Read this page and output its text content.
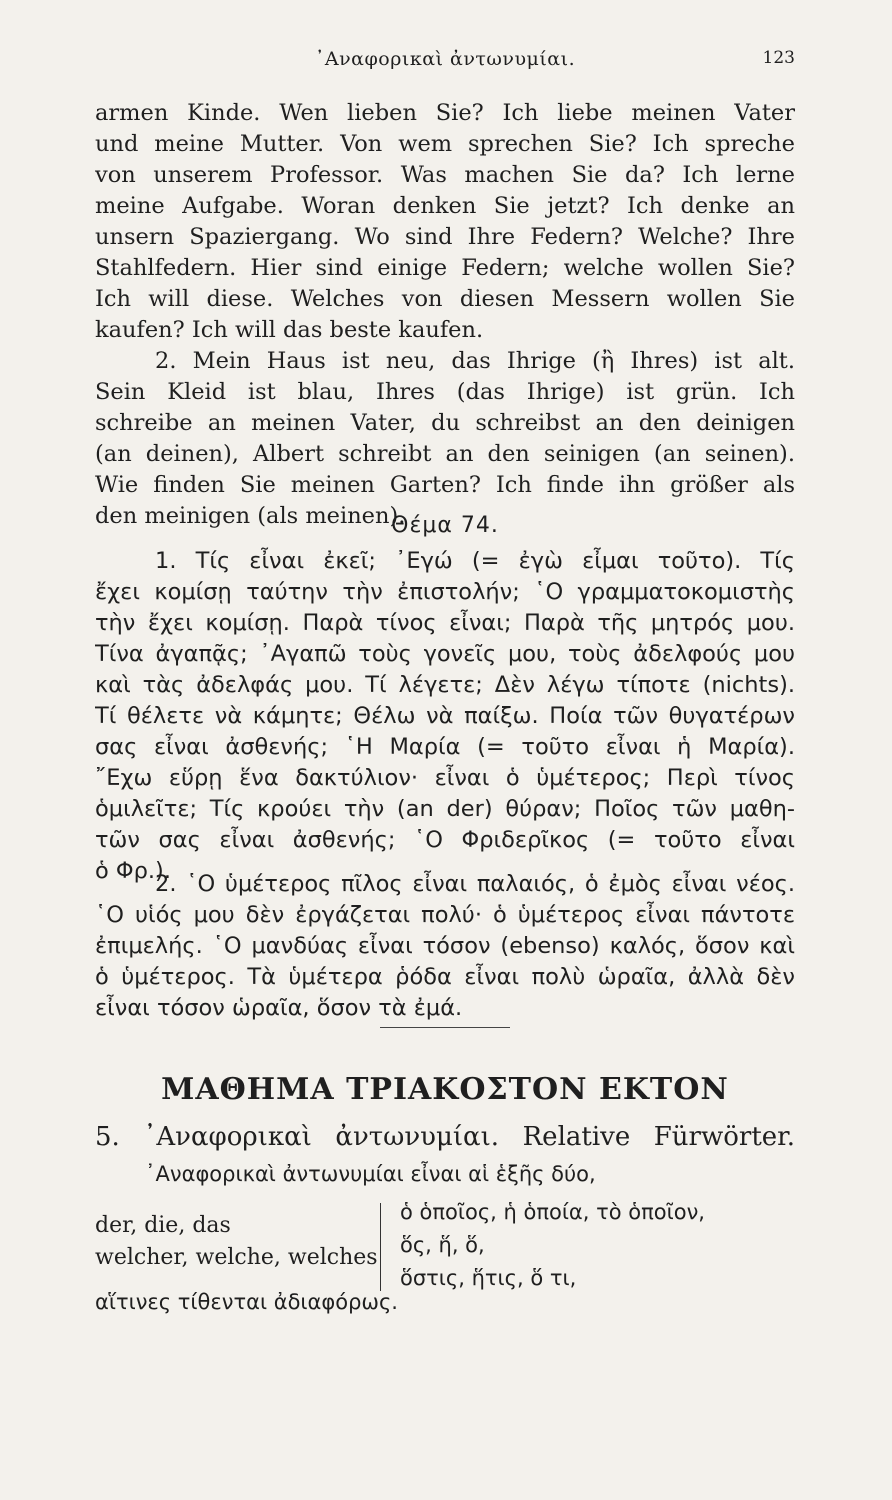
᾿Αναφορικαὶ ἀντωνυμίαι.	123
armen Kinde. Wen lieben Sie? Ich liebe meinen Vater
und meine Mutter. Von wem sprechen Sie? Ich spreche
von unserem Professor. Was machen Sie da? Ich lerne
meine Aufgabe. Woran denken Sie jetzt? Ich denke an
unsern Spaziergang. Wo sind Ihre Federn? Welche? Ihre
Stahlfedern. Hier sind einige Federn; welche wollen Sie?
Ich will diese. Welches von diesen Messern wollen Sie
kaufen? Ich will das beste kaufen.
2. Mein Haus ist neu, das Ihrige (ἢ Ihres) ist alt.
Sein Kleid ist blau, Ihres (das Ihrige) ist grün. Ich
schreibe an meinen Vater, du schreibst an den deinigen
(an deinen), Albert schreibt an den seinigen (an seinen).
Wie finden Sie meinen Garten? Ich finde ihn größer als
den meinigen (als meinen).
Θέμα 74.
1. Τίς εἶναι ἐκεῖ; ᾿Εγώ (= ἐγὼ εἶμαι τοῦτο). Τίς
ἔχει κομίσῃ ταύτην τὴν ἐπιστολήν; ῾Ο γραμματοκομιστὴς
τὴν ἔχει κομίσῃ. Παρὰ τίνος εἶναι; Παρὰ τῆς μητρός μου.
Τίνα ἀγαπᾷς; ᾿Αγαπῶ τοὺς γονεῖς μου, τοὺς ἀδελφούς μου
καὶ τὰς ἀδελφάς μου. Τί λέγετε; Δὲν λέγω τίποτε (nichts).
Τί θέλετε νὰ κάμητε; Θέλω νὰ παίξω. Ποία τῶν θυγατέρων
σας εἶναι ἀσθενής; ῾Η Μαρία (= τοῦτο εἶναι ἡ Μαρία).
῎Εχω εὕρῃ ἕνα δακτύλιον· εἶναι ὁ ὑμέτερος; Περὶ τίνος
ὁμιλεῖτε; Τίς κρούει τὴν (an der) θύραν; Ποῖος τῶν μαθη-
τῶν σας εἶναι ἀσθενής; ῾Ο Φριδερῖκος (= τοῦτο εἶναι
ὁ Φρ.).
2. ῾Ο ὑμέτερος πῖλος εἶναι παλαιός, ὁ ἐμὸς εἶναι νέος.
῾Ο υἱός μου δὲν ἐργάζεται πολύ· ὁ ὑμέτερος εἶναι πάντοτε
ἐπιμελής. ῾Ο μανδύας εἶναι τόσον (ebenso) καλός, ὅσον καὶ
ὁ ὑμέτερος. Τὰ ὑμέτερα ῥόδα εἶναι πολὺ ὡραῖα, ἀλλὰ δὲν
εἶναι τόσον ὡραῖα, ὅσον τὰ ἐμά.
ΜΑΘΗΜΑ ΤΡΙΑΚΟΣΤΟΝ ΕΚΤΟΝ
5. ᾿Αναφορικαὶ ἀντωνυμίαι. Relative Fürwörter.
᾿Αναφορικαὶ ἀντωνυμίαι εἶναι αἱ ἑξῆς δύο,
der, die, das
welcher, welche, welches
ὁ ὁποῖος, ἡ ὁποία, τὸ ὁποῖον,
ὅς, ἥ, ὅ,
ὅστις, ἥτις, ὅ τι,
αἵτινες τίθενται ἀδιαφόρως.
